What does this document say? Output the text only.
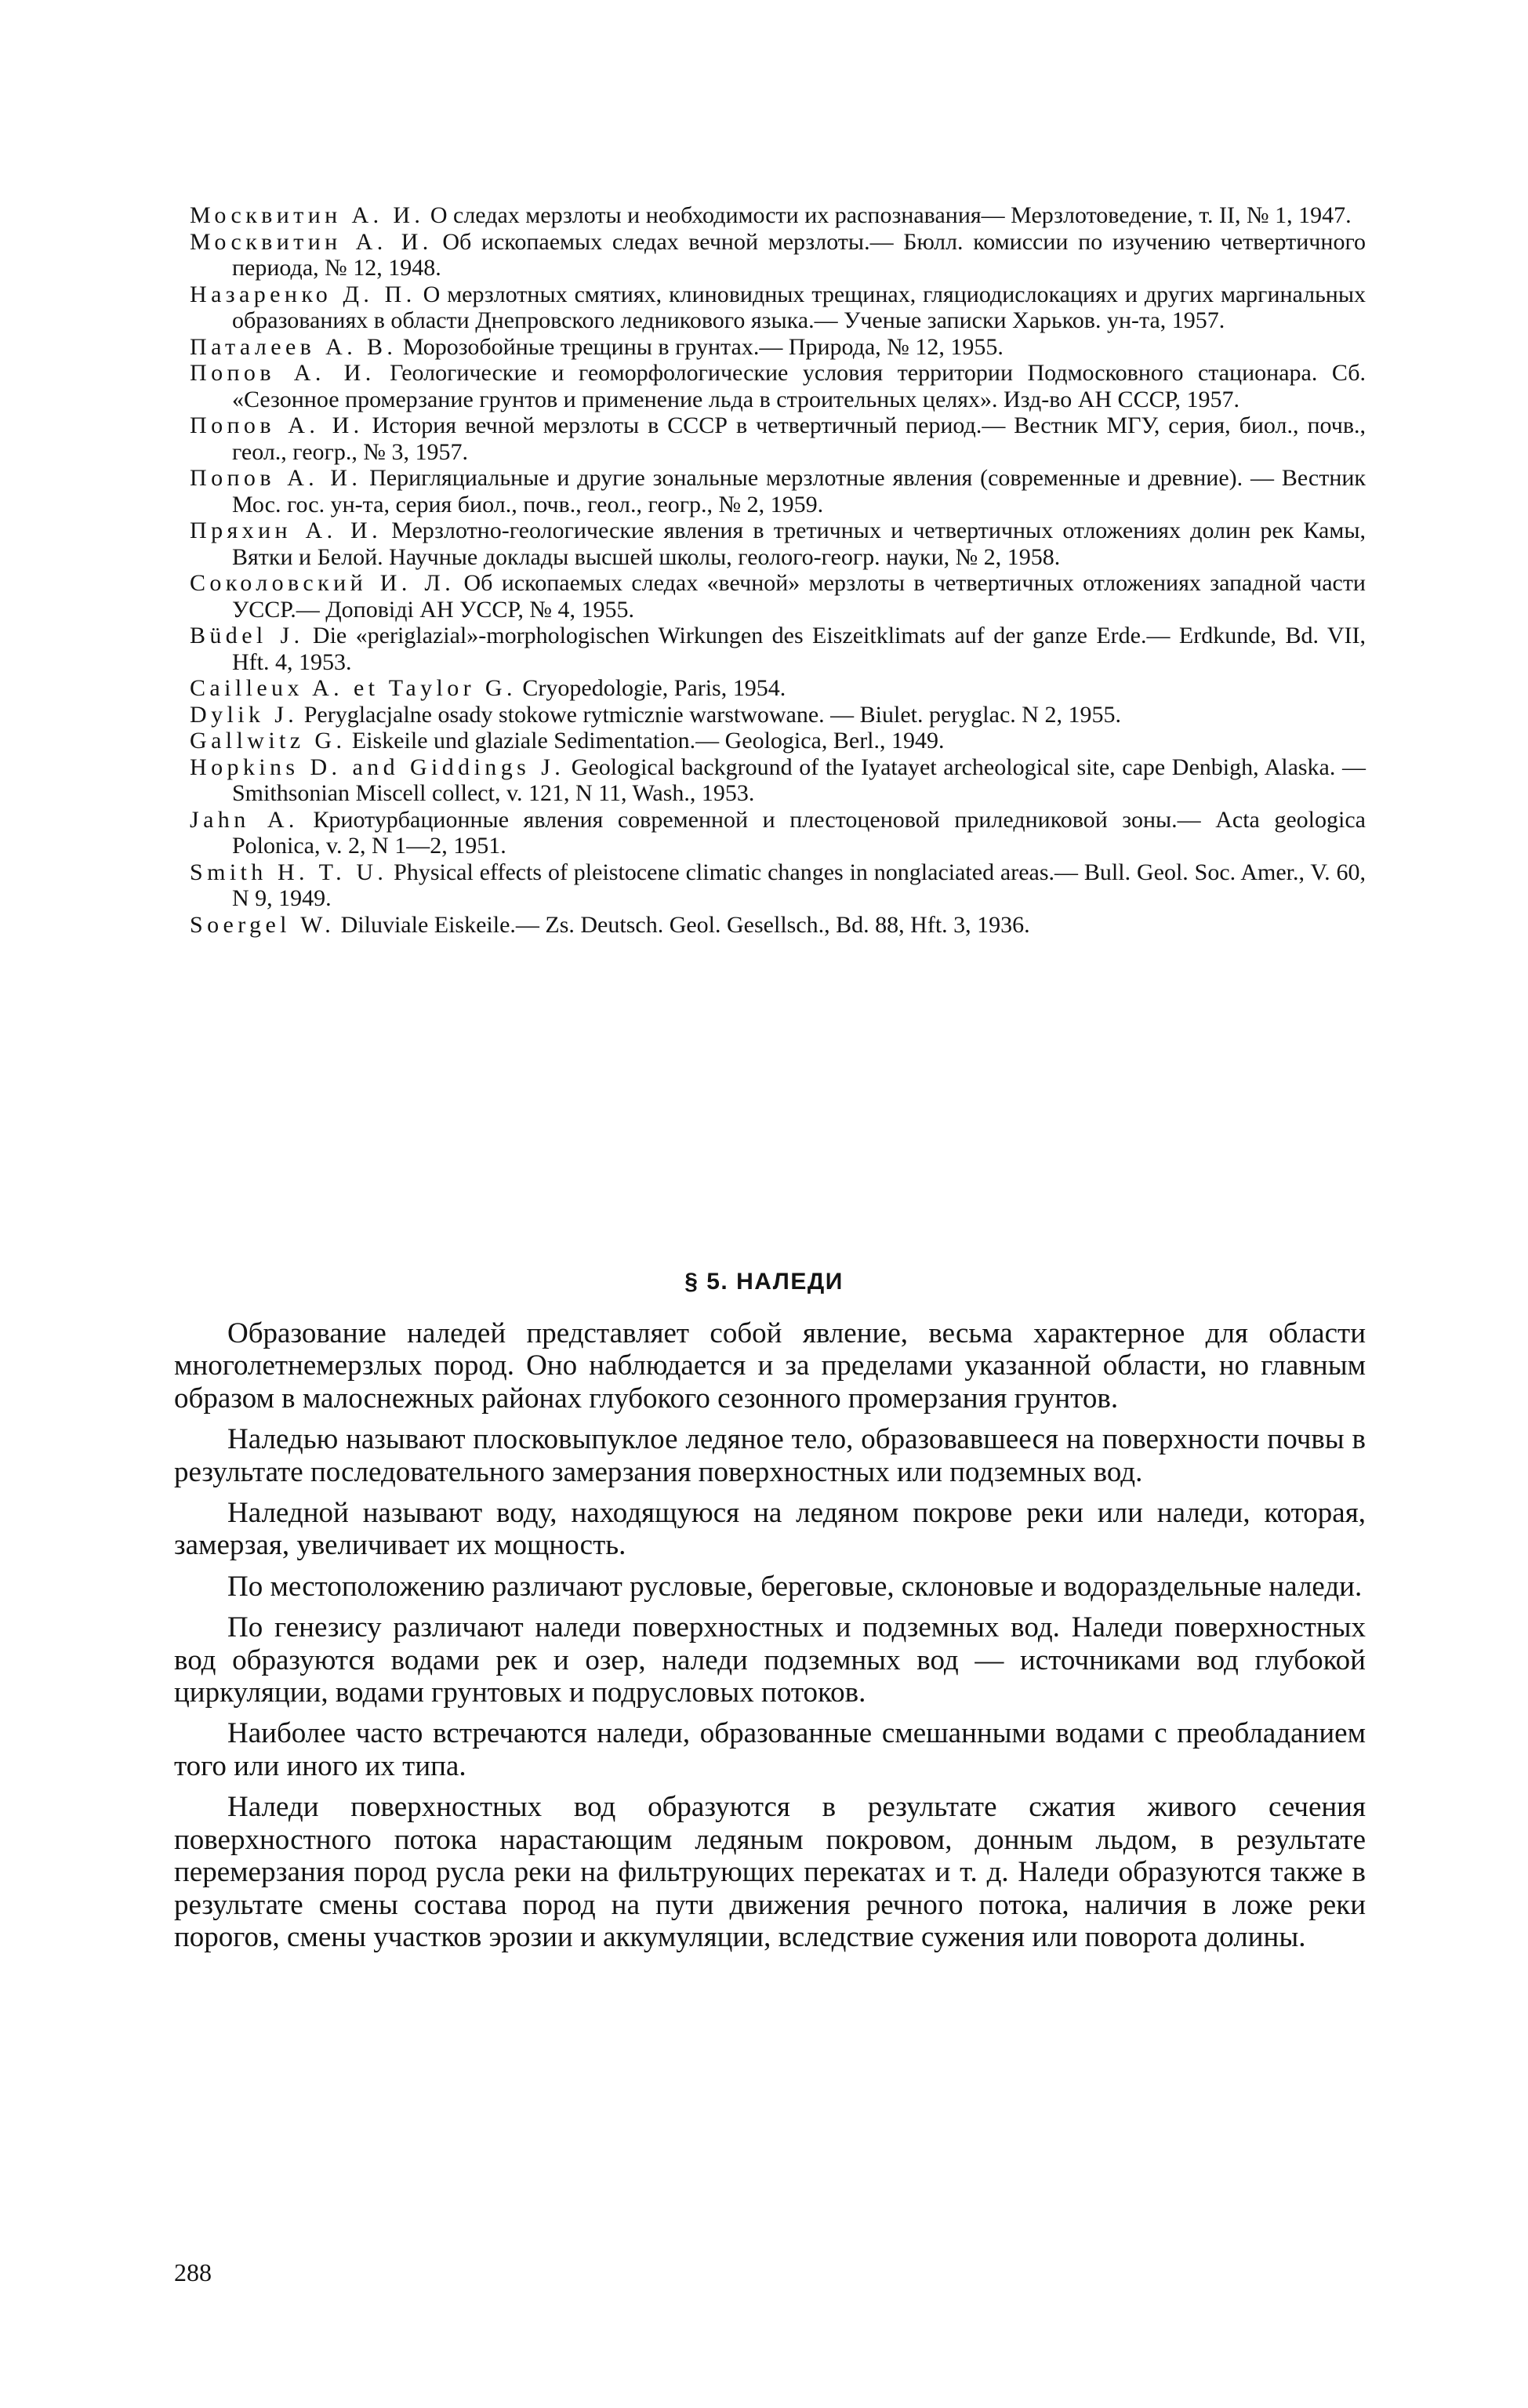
Москвитин А. И. О следах мерзлоты и необходимости их распознавания— Мерзлотоведение, т. II, № 1, 1947.

Москвитин А. И. Об ископаемых следах вечной мерзлоты.— Бюлл. комиссии по изучению четвертичного периода, № 12, 1948.

Назаренко Д. П. О мерзлотных смятиях, клиновидных трещинах, гляциодислокациях и других маргинальных образованиях в области Днепровского ледникового языка.— Ученые записки Харьков. ун-та, 1957.

Паталеев А. В. Морозобойные трещины в грунтах.— Природа, № 12, 1955.

Попов А. И. Геологические и геоморфологические условия территории Подмосковного стационара. Сб. «Сезонное промерзание грунтов и применение льда в строительных целях». Изд-во АН СССР, 1957.

Попов А. И. История вечной мерзлоты в СССР в четвертичный период.— Вестник МГУ, серия, биол., почв., геол., геогр., № 3, 1957.

Попов А. И. Перигляциальные и другие зональные мерзлотные явления (современные и древние). — Вестник Мос. гос. ун-та, серия биол., почв., геол., геогр., № 2, 1959.

Пряхин А. И. Мерзлотно-геологические явления в третичных и четвертичных отложениях долин рек Камы, Вятки и Белой. Научные доклады высшей школы, геолого-геогр. науки, № 2, 1958.

Соколовский И. Л. Об ископаемых следах «вечной» мерзлоты в четвертичных отложениях западной части УССР.— Доповіді АН УССР, № 4, 1955.

Büdel J. Die «periglazial»-morphologischen Wirkungen des Eiszeitklimats auf der ganze Erde.— Erdkunde, Bd. VII, Hft. 4, 1953.

Cailleux A. et Taylor G. Cryopedologie, Paris, 1954.

Dylik J. Peryglacjalne osady stokowe rytmicznie warstwowane. — Biulet. peryglac. N 2, 1955.

Gallwitz G. Eiskeile und glaziale Sedimentation.— Geologica, Berl., 1949.

Hopkins D. and Giddings J. Geological background of the Iyatayet archeological site, cape Denbigh, Alaska. — Smithsonian Miscell collect, v. 121, N 11, Wash., 1953.

Jahn A. Криотурбационные явления современной и плестоценовой приледниковой зоны.— Acta geologica Polonica, v. 2, N 1—2, 1951.

Smith H. T. U. Physical effects of pleistocene climatic changes in nonglaciated areas.— Bull. Geol. Soc. Amer., V. 60, N 9, 1949.

Soergel W. Diluviale Eiskeile.— Zs. Deutsch. Geol. Gesellsch., Bd. 88, Hft. 3, 1936.

§ 5. НАЛЕДИ

Образование наледей представляет собой явление, весьма характерное для области многолетнемерзлых пород. Оно наблюдается и за пределами указанной области, но главным образом в малоснежных районах глубокого сезонного промерзания грунтов.

Наледью называют плосковыпуклое ледяное тело, образовавшееся на поверхности почвы в результате последовательного замерзания поверхностных или подземных вод.

Наледной называют воду, находящуюся на ледяном покрове реки или наледи, которая, замерзая, увеличивает их мощность.

По местоположению различают русловые, береговые, склоновые и водораздельные наледи.

По генезису различают наледи поверхностных и подземных вод. Наледи поверхностных вод образуются водами рек и озер, наледи подземных вод — источниками вод глубокой циркуляции, водами грунтовых и подрусловых потоков.

Наиболее часто встречаются наледи, образованные смешанными водами с преобладанием того или иного их типа.

Наледи поверхностных вод образуются в результате сжатия живого сечения поверхностного потока нарастающим ледяным покровом, донным льдом, в результате перемерзания пород русла реки на фильтрующих перекатах и т. д. Наледи образуются также в результате смены состава пород на пути движения речного потока, наличия в ложе реки порогов, смены участков эрозии и аккумуляции, вследствие сужения или поворота долины.

288
